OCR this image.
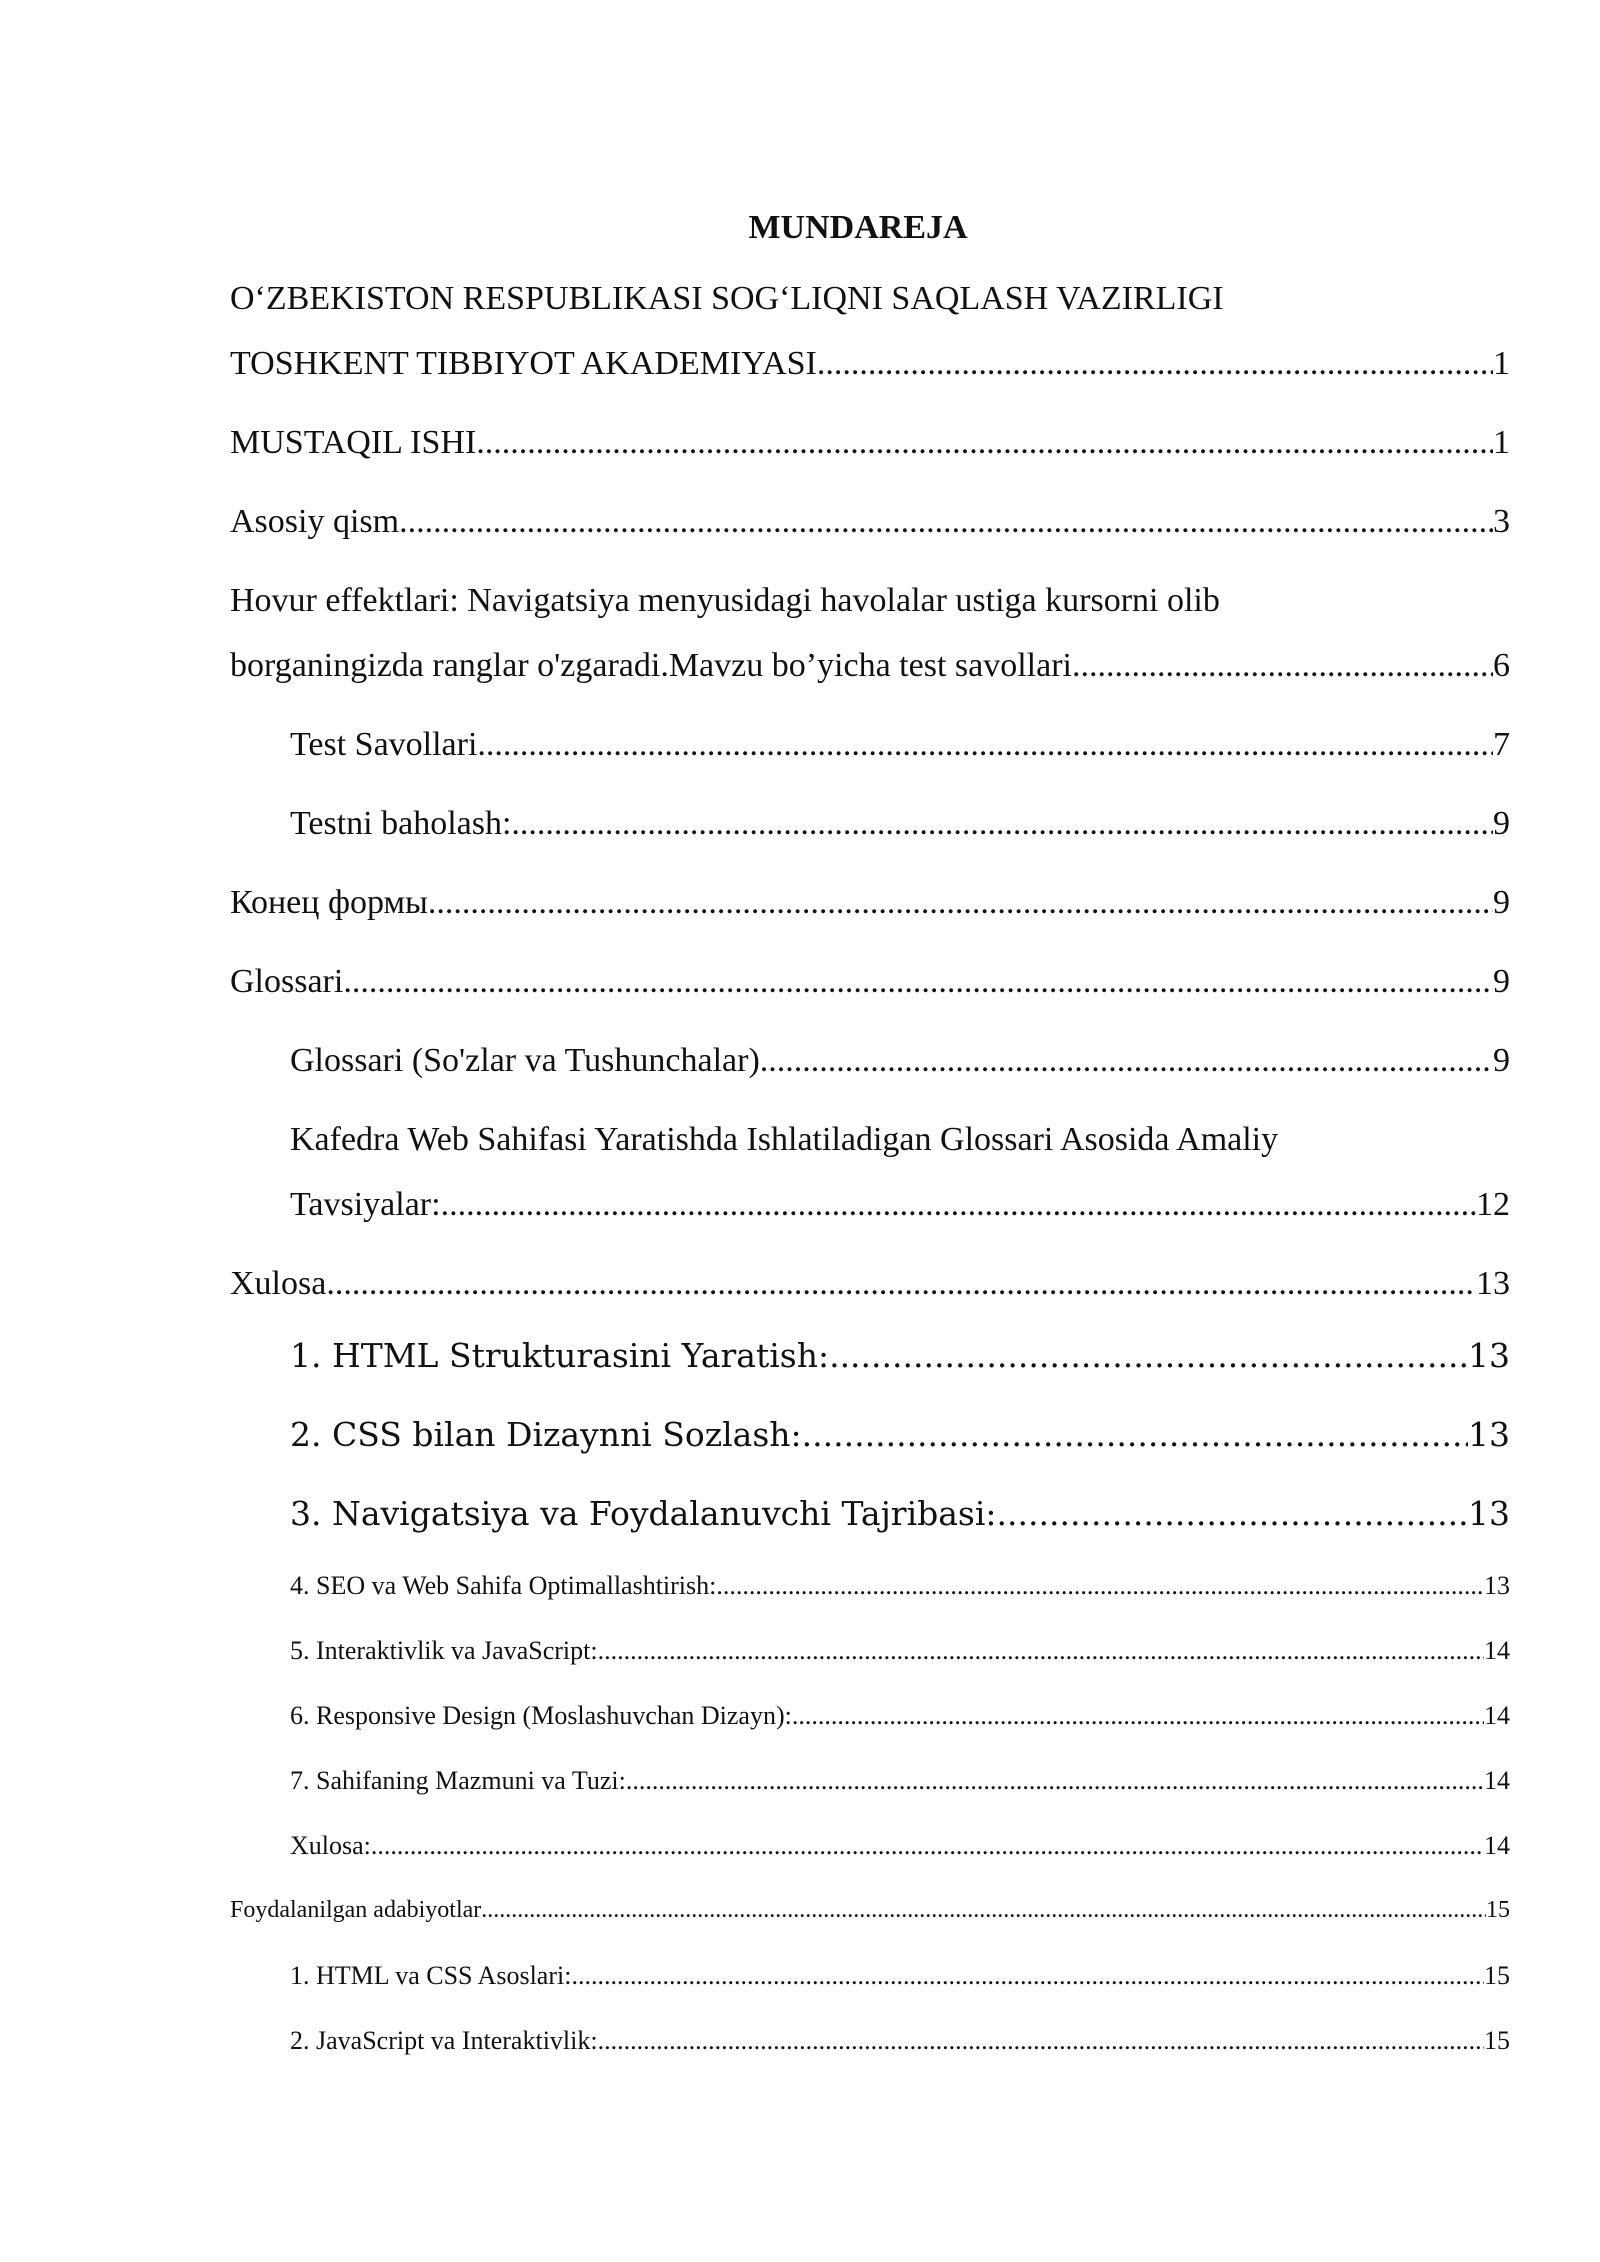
MUNDAREJA
O‘ZBEKISTON RESPUBLIKASI SOG‘LIQNI SAQLASH VAZIRLIGI
TOSHKENT TIBBIYOT AKADEMIYASI .....	1
MUSTAQIL ISHI .....	1
Asosiy qism .....	3
Hovur effektlari: Navigatsiya menyusidagi havolalar ustiga kursorni olib
borganingizda ranglar o'zgaradi.Mavzu bo’yicha test savollari .....	6
Test Savollari .....	7
Testni baholash: .....	9
Конец формы .....	9
Glossari .....	9
Glossari (So'zlar va Tushunchalar) .....	9
Kafedra Web Sahifasi Yaratishda Ishlatiladigan Glossari Asosida Amaliy
Tavsiyalar: .....	12
Xulosa .....	13
1. HTML Strukturasini Yaratish: .....	13
2. CSS bilan Dizaynni Sozlash: .....	13
3. Navigatsiya va Foydalanuvchi Tajribasi: .....	13
4. SEO va Web Sahifa Optimallashtirish: .....	13
5. Interaktivlik va JavaScript: .....	14
6. Responsive Design (Moslashuvchan Dizayn): .....	14
7. Sahifaning Mazmuni va Tuzi: .....	14
Xulosa: .....	14
Foydalanilgan adabiyotlar .....	15
1. HTML va CSS Asoslari: .....	15
2. JavaScript va Interaktivlik: .....	15
